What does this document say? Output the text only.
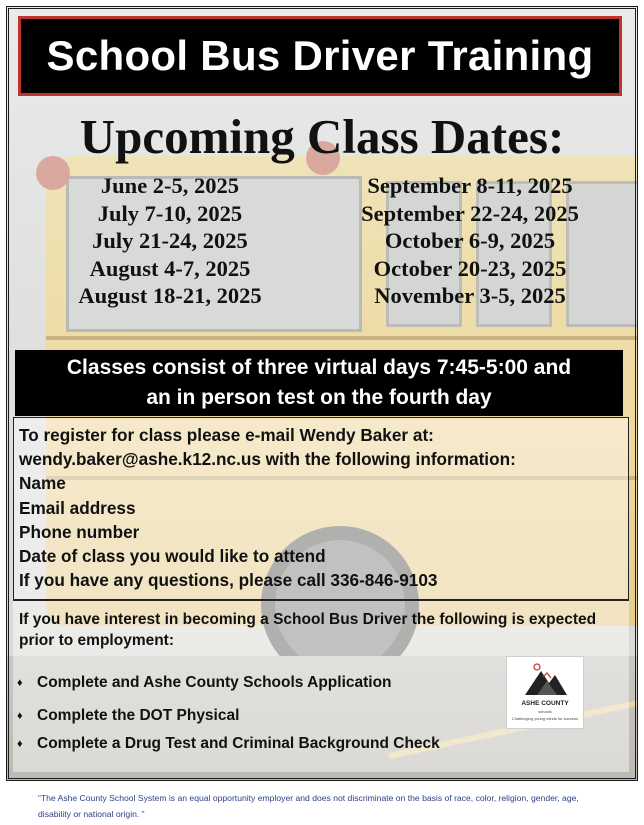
School Bus Driver Training
Upcoming Class Dates:
June 2-5, 2025
July 7-10, 2025
July 21-24, 2025
August 4-7, 2025
August 18-21, 2025
September 8-11, 2025
September 22-24, 2025
October 6-9, 2025
October 20-23, 2025
November 3-5, 2025
Classes consist of three virtual days 7:45-5:00 and
an in person test on the fourth day
To register for class please e-mail Wendy Baker at:
wendy.baker@ashe.k12.nc.us with the following information:
Name
Email address
Phone number
Date of class you would like to attend
If you have any questions, please call 336-846-9103
If you have interest in becoming a School Bus Driver the following is expected prior to employment:
♦ Complete and Ashe County Schools Application
♦ Complete the DOT Physical
♦ Complete a Drug Test and Criminal Background Check
ASHE COUNTY
schools
Challenging young minds for success
“The Ashe County School System is an equal opportunity employer and does not discriminate on the basis of race, color, religion, gender, age, disability or national origin. ”
